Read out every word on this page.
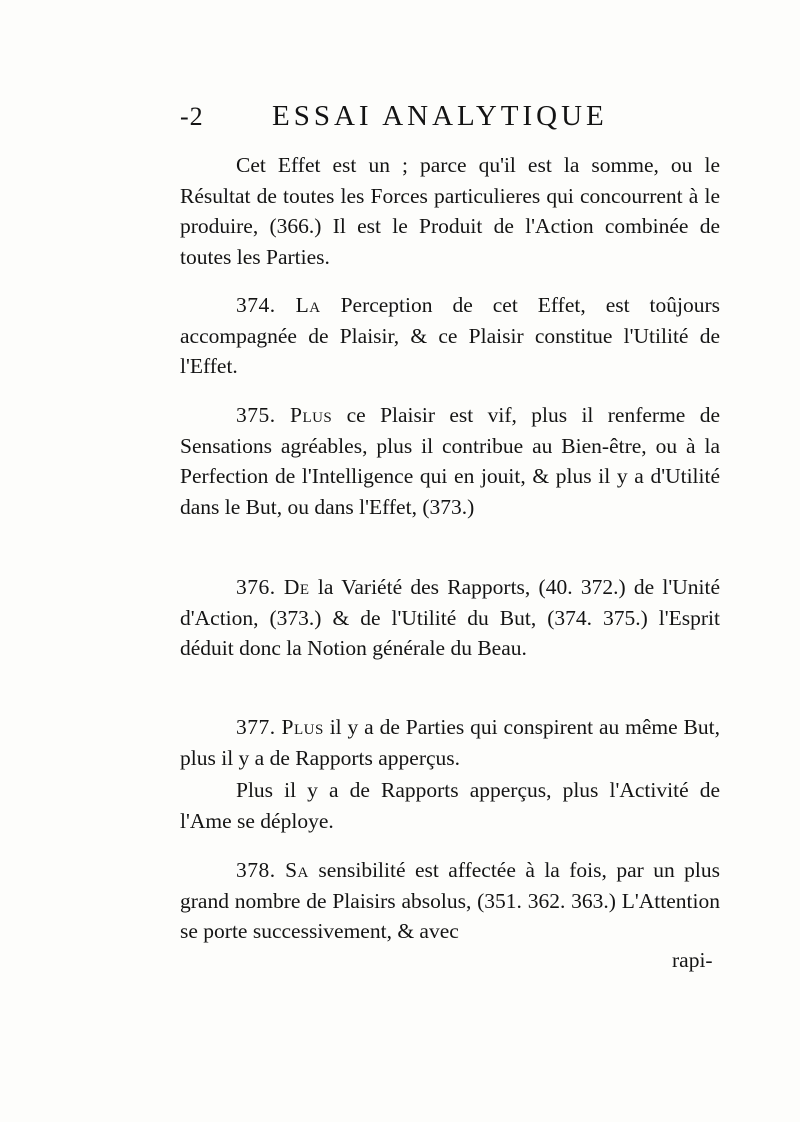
-2 ESSAI ANALYTIQUE

Cet Effet est un ; parce qu'il est la somme, ou le Résultat de toutes les Forces particulieres qui concourrent à le produire, (366.) Il est le Produit de l'Action combinée de toutes les Parties.

374. La Perception de cet Effet, est toûjours accompagnée de Plaisir, & ce Plaisir constitue l'Utilité de l'Effet.

375. Plus ce Plaisir est vif, plus il renferme de Sensations agréables, plus il contribue au Bien-être, ou à la Perfection de l'Intelligence qui en jouit, & plus il y a d'Utilité dans le But, ou dans l'Effet, (373.)

376. De la Variété des Rapports, (40. 372.) de l'Unité d'Action, (373.) & de l'Utilité du But, (374. 375.) l'Esprit déduit donc la Notion générale du Beau.

377. Plus il y a de Parties qui conspirent au même But, plus il y a de Rapports apperçus.

Plus il y a de Rapports apperçus, plus l'Activité de l'Ame se déploye.

378. Sa sensibilité est affectée à la fois, par un plus grand nombre de Plaisirs absolus, (351. 362. 363.) L'Attention se porte successivement, & avec

rapi-
